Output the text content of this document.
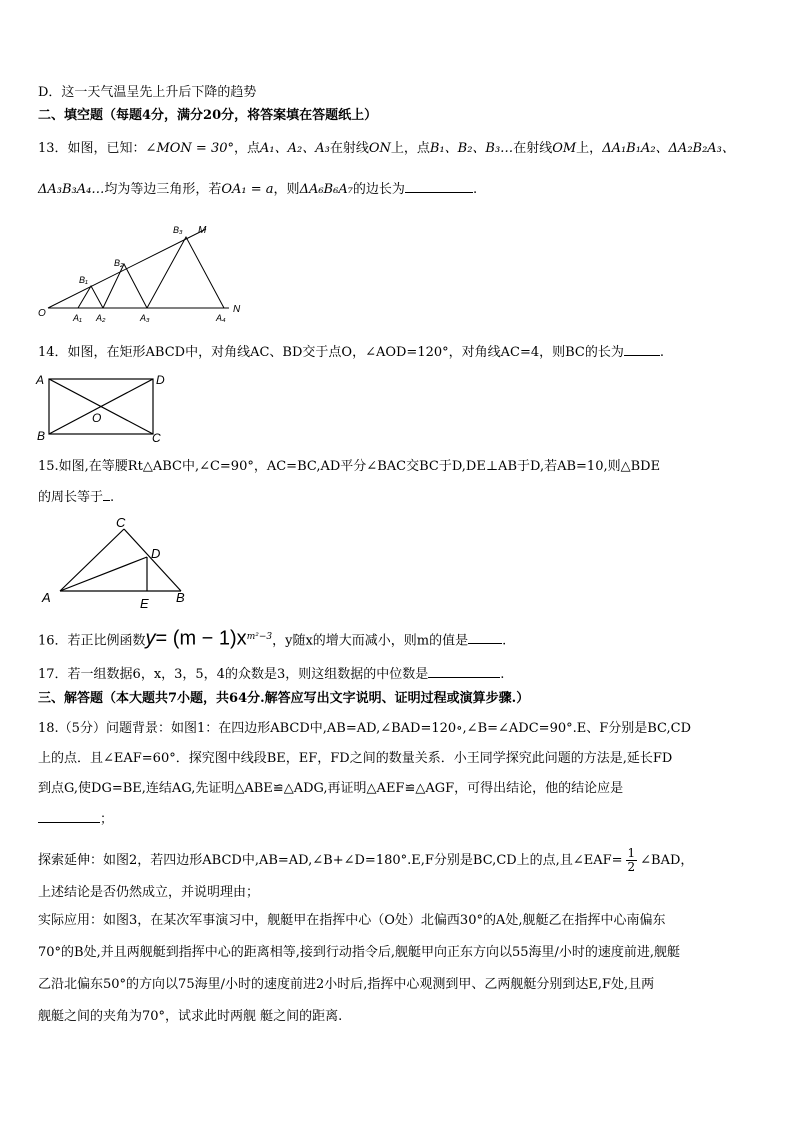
D．这一天气温呈先上升后下降的趋势
二、填空题（每题4分，满分20分，将答案填在答题纸上）
13．如图，已知：∠MON = 30°，点A₁、A₂、A₃在射线ON上，点B₁、B₂、B₃…在射线OM上，ΔA₁B₁A₂、ΔA₂B₂A₃、
ΔA₃B₃A₄…均为等边三角形，若OA₁ = a，则ΔA₆B₆A₇的边长为	.
O
M
N
A₁ A₂	A₃	A₄
B₁
B₂
B₃
14．如图，在矩形ABCD中，对角线AC、BD交于点O，∠AOD=120°，对角线AC=4，则BC的长为	.
A	D
B	C
O
15.如图,在等腰Rt△ABC中,∠C=90°，AC=BC,AD平分∠BAC交BC于D,DE⊥AB于D,若AB=10,则△BDE
的周长等于 .
C
D
A	B
E
16．若正比例函数$y= (m - 1)x^{m^2-3}$，y随x的增大而减小，则m的值是	.
17．若一组数据6，x，3，5，4的众数是3，则这组数据的中位数是	.
三、解答题（本大题共7小题，共64分.解答应写出文字说明、证明过程或演算步骤.）
18.（5分）问题背景：如图1：在四边形ABCD中,AB=AD,∠BAD=120∘,∠B=∠ADC=90°.E、F分别是BC,CD
上的点．且∠EAF=60°．探究图中线段BE，EF，FD之间的数量关系．小王同学探究此问题的方法是,延长FD
到点G,使DG=BE,连结AG,先证明△ABE≌△ADG,再证明△AEF≌△AGF，可得出结论，他的结论应是
；
探索延伸：如图2，若四边形ABCD中,AB=AD,∠B+∠D=180°.E,F分别是BC,CD上的点,且∠EAF= $\frac{1}{2}$ ∠BAD，
上述结论是否仍然成立，并说明理由；
实际应用：如图3，在某次军事演习中，舰艇甲在指挥中心（O处）北偏西30°的A处,舰艇乙在指挥中心南偏东
70°的B处,并且两舰艇到指挥中心的距离相等,接到行动指令后,舰艇甲向正东方向以55海里/小时的速度前进,舰艇
乙沿北偏东50°的方向以75海里/小时的速度前进2小时后,指挥中心观测到甲、乙两舰艇分别到达E,F处,且两
舰艇之间的夹角为70°，试求此时两舰 艇之间的距离.
